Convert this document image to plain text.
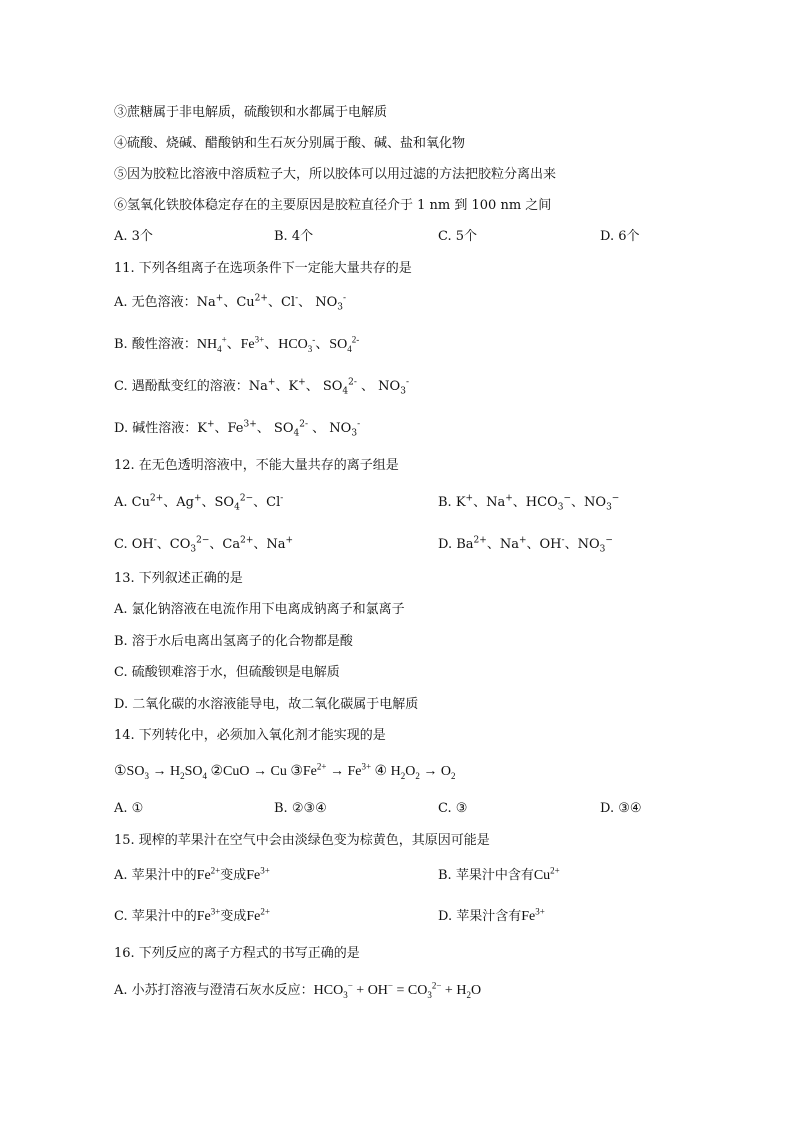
③蔗糖属于非电解质，硫酸钡和水都属于电解质
④硫酸、烧碱、醋酸钠和生石灰分别属于酸、碱、盐和氧化物
⑤因为胶粒比溶液中溶质粒子大，所以胶体可以用过滤的方法把胶粒分离出来
⑥氢氧化铁胶体稳定存在的主要原因是胶粒直径介于 1 nm 到 100 nm 之间
A. 3个	B. 4个	C. 5个	D. 6个
11. 下列各组离子在选项条件下一定能大量共存的是
A. 无色溶液：Na+、$Cu^{2+}$、Cl-、 $NO_3^-$
B. 酸性溶液：$NH_4^+$、$Fe^{3+}$、$HCO_3^-$、$SO_4^{2-}$
C. 遇酚酞变红的溶液：Na+、K+、 $SO_4^{2-}$ 、 $NO_3^-$
D. 碱性溶液：K+、$Fe^{3+}$、 $SO_4^{2-}$ 、 $NO_3^-$
12. 在无色透明溶液中，不能大量共存的离子组是
A. $Cu^{2+}$、Ag+、$SO_4^{2-}$、Cl-	B. K+、Na+、$HCO_3^-$、$NO_3^-$
C. OH-、$CO_3^{2-}$、$Ca^{2+}$、Na+	D. $Ba^{2+}$、Na+、OH-、$NO_3^-$
13. 下列叙述正确的是
A. 氯化钠溶液在电流作用下电离成钠离子和氯离子
B. 溶于水后电离出氢离子的化合物都是酸
C. 硫酸钡难溶于水，但硫酸钡是电解质
D. 二氧化碳的水溶液能导电，故二氧化碳属于电解质
14. 下列转化中，必须加入氧化剂才能实现的是
$①SO_3 \to H_2SO_4$ ②CuO → Cu $③Fe^{2+} \to Fe^{3+}$ ④ $H_2O_2 \to O_2$
A. ①	B. ②③④	C. ③	D. ③④
15. 现榨的苹果汁在空气中会由淡绿色变为棕黄色，其原因可能是
A. 苹果汁中的$Fe^{2+}$变成$Fe^{3+}$	B. 苹果汁中含有$Cu^{2+}$
C. 苹果汁中的$Fe^{3+}$变成$Fe^{2+}$	D. 苹果汁含有$Fe^{3+}$
16. 下列反应的离子方程式的书写正确的是
A. 小苏打溶液与澄清石灰水反应：$HCO_3^- + OH^- = CO_3^{2-} + H_2O$
